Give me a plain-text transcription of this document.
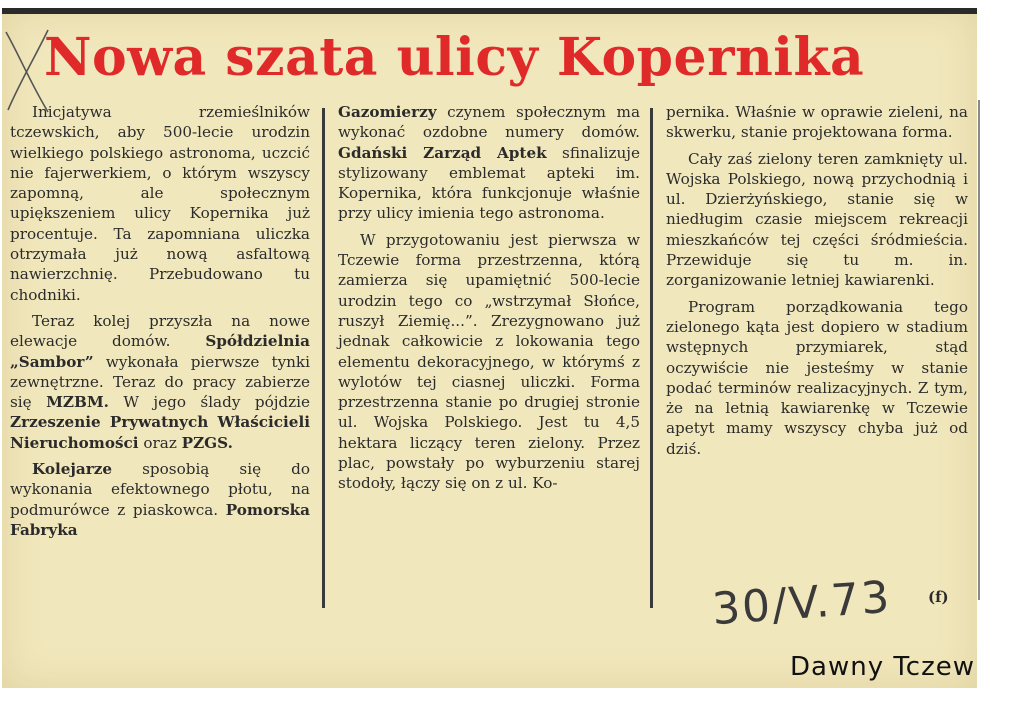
Nowa szata ulicy Kopernika

Inicjatywa rzemieślników tczewskich, aby 500-lecie urodzin wielkiego polskiego astronoma, uczcić nie fajerwerkiem, o którym wszyscy zapomną, ale społecznym upiększeniem ulicy Kopernika już procentuje. Ta zapomniana uliczka otrzymała już nową asfaltową nawierzchnię. Przebudowano tu chodniki.

Teraz kolej przyszła na nowe elewacje domów. Spółdzielnia „Sambor” wykonała pierwsze tynki zewnętrzne. Teraz do pracy zabierze się MZBM. W jego ślady pójdzie Zrzeszenie Prywatnych Właścicieli Nieruchomości oraz PZGS.

Kolejarze sposobią się do wykonania efektownego płotu, na podmurówce z piaskowca. Pomorska Fabryka

Gazomierzy czynem społecznym ma wykonać ozdobne numery domów. Gdański Zarząd Aptek sfinalizuje stylizowany emblemat apteki im. Kopernika, która funkcjonuje właśnie przy ulicy imienia tego astronoma.

W przygotowaniu jest pierwsza w Tczewie forma przestrzenna, którą zamierza się upamiętnić 500-lecie urodzin tego co „wstrzymał Słońce, ruszył Ziemię...”. Zrezygnowano już jednak całkowicie z lokowania tego elementu dekoracyjnego, w którymś z wylotów tej ciasnej uliczki. Forma przestrzenna stanie po drugiej stronie ul. Wojska Polskiego. Jest tu 4,5 hektara liczący teren zielony. Przez plac, powstały po wyburzeniu starej stodoły, łączy się on z ul. Ko-

pernika. Właśnie w oprawie zieleni, na skwerku, stanie projektowana forma.

Cały zaś zielony teren zamknięty ul. Wojska Polskiego, nową przychodnią i ul. Dzierżyńskiego, stanie się w niedługim czasie miejscem rekreacji mieszkańców tej części śródmieścia. Przewiduje się tu m. in. zorganizowanie letniej kawiarenki.

Program porządkowania tego zielonego kąta jest dopiero w stadium wstępnych przymiarek, stąd oczywiście nie jesteśmy w stanie podać terminów realizacyjnych. Z tym, że na letnią kawiarenkę w Tczewie apetyt mamy wszyscy chyba już od dziś.

30/V.73 (f)
Dawny Tczew
